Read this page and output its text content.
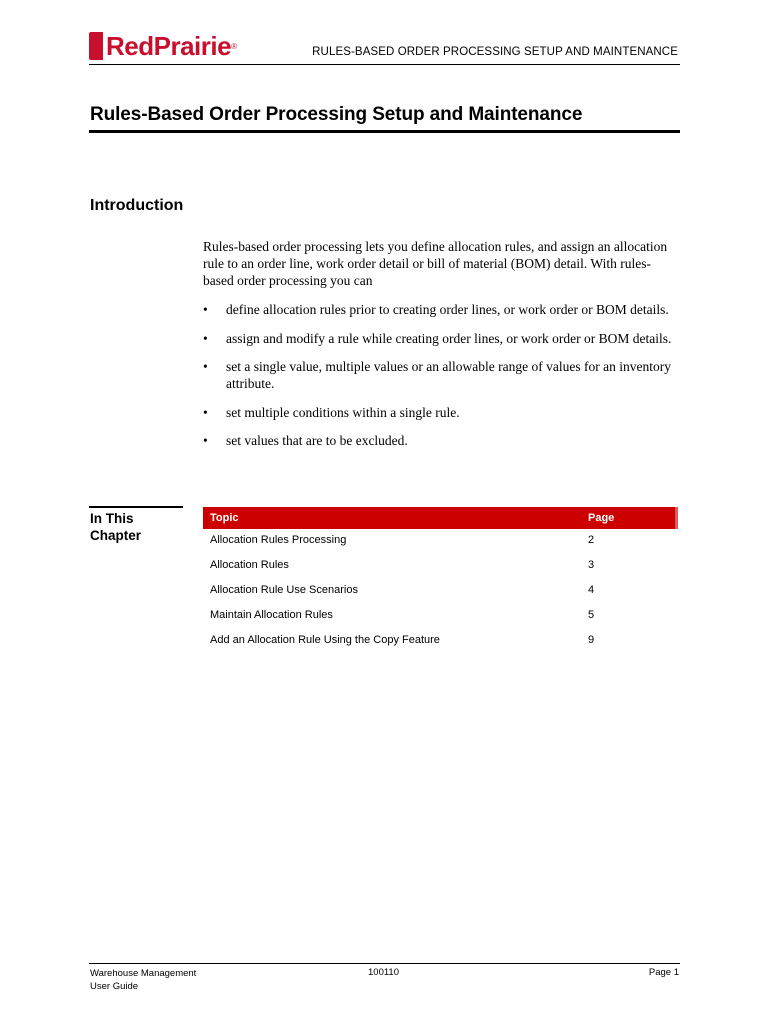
RedPrairie ®	RULES-BASED ORDER PROCESSING SETUP AND MAINTENANCE
Rules-Based Order Processing Setup and Maintenance
Introduction

Rules-based order processing lets you define allocation rules, and assign an allocation rule to an order line, work order detail or bill of material (BOM) detail. With rules-based order processing you can

• define allocation rules prior to creating order lines, or work order or BOM details.
• assign and modify a rule while creating order lines, or work order or BOM details.
• set a single value, multiple values or an allowable range of values for an inventory attribute.
• set multiple conditions within a single rule.
• set values that are to be excluded.
In This Chapter
Topic	Page
Allocation Rules Processing	2
Allocation Rules	3
Allocation Rule Use Scenarios	4
Maintain Allocation Rules	5
Add an Allocation Rule Using the Copy Feature	9
Warehouse Management
User Guide
100110	Page 1
